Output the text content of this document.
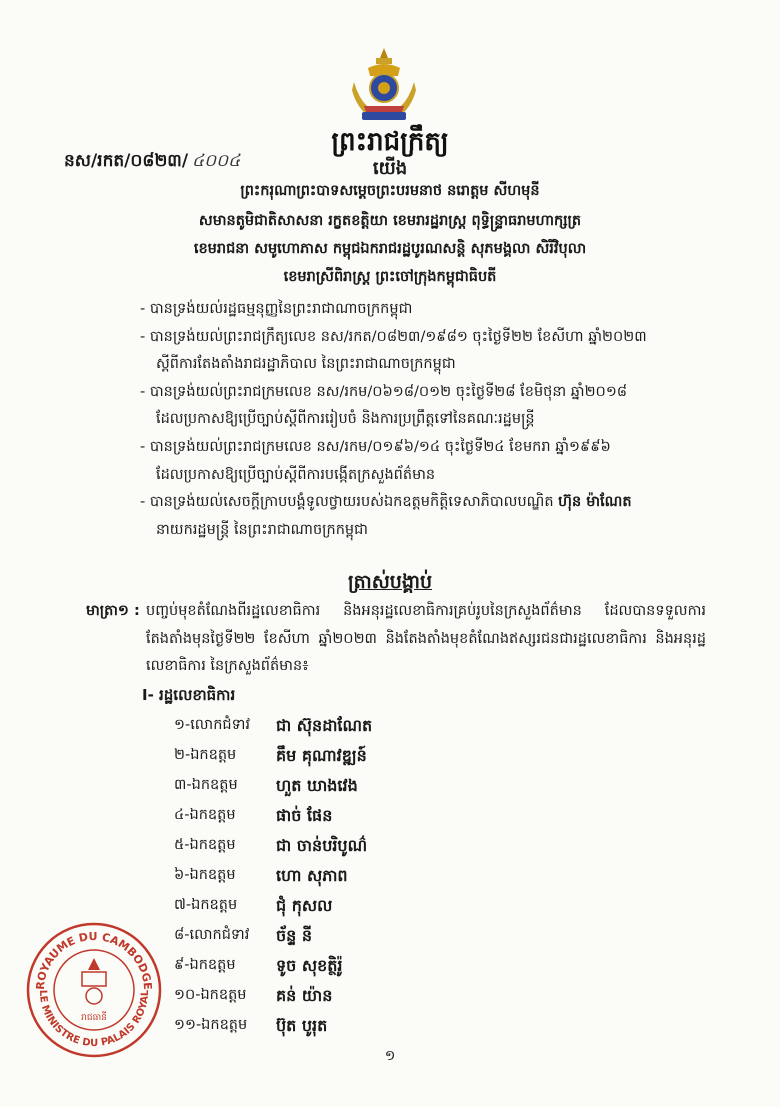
ព្រះរាជក្រឹត្យ
នស/រកត/០៨២៣/ ៤០០៤	យើង
ព្រះករុណាព្រះបាទសម្តេចព្រះបរមនាថ នរោត្តម សីហមុនី
សមានតូមិជាតិសាសនា រក្ខតខត្តិយា ខេមរារដ្ឋរាស្ត្រ ពុទ្ធិន្ទ្រាធរាមហាក្សត្រ
ខេមរាជនា សមូហោភាស កម្ពុជឯករាជរដ្ឋបូរណសន្តិ សុភមង្គលា សិរីវិបុលា
ខេមរាស្រីពិរាស្ត្រ ព្រះចៅក្រុងកម្ពុជាធិបតី

- បានទ្រង់យល់រដ្ឋធម្មនុញ្ញនៃព្រះរាជាណាចក្រកម្ពុជា

- បានទ្រង់យល់ព្រះរាជក្រឹត្យលេខ នស/រកត/០៨២៣/១៩៨១ ចុះថ្ងៃទី២២ ខែសីហា ឆ្នាំ២០២៣
ស្តីពីការតែងតាំងរាជរដ្ឋាភិបាល នៃព្រះរាជាណាចក្រកម្ពុជា

- បានទ្រង់យល់ព្រះរាជក្រមលេខ នស/រកម/០៦១៨/០១២ ចុះថ្ងៃទី២៨ ខែមិថុនា ឆ្នាំ២០១៨
ដែលប្រកាសឱ្យប្រើច្បាប់ស្តីពីការរៀបចំ និងការប្រព្រឹត្តទៅនៃគណៈរដ្ឋមន្ត្រី

- បានទ្រង់យល់ព្រះរាជក្រមលេខ នស/រកម/០១៩៦/១៤ ចុះថ្ងៃទី២៤ ខែមករា ឆ្នាំ១៩៩៦
ដែលប្រកាសឱ្យប្រើច្បាប់ស្តីពីការបង្កើតក្រសួងព័ត៌មាន

- បានទ្រង់យល់សេចក្តីក្រាបបង្គំទូលថ្វាយរបស់ឯកឧត្តមកិត្តិទេសាភិបាលបណ្ឌិត ហ៊ុន ម៉ាណែត
នាយករដ្ឋមន្ត្រី នៃព្រះរាជាណាចក្រកម្ពុជា

ត្រាស់បង្គាប់
មាត្រា១ : បញ្ចប់មុខតំណែងពីរដ្ឋលេខាធិការ និងអនុរដ្ឋលេខាធិការគ្រប់រូបនៃក្រសួងព័ត៌មាន ដែលបានទទួលការតែងតាំងមុនថ្ងៃទី២២ ខែសីហា ឆ្នាំ២០២៣ និងតែងតាំងមុខតំណែងឥស្សរជនជារដ្ឋលេខាធិការ និងអនុរដ្ឋលេខាធិការ នៃក្រសួងព័ត៌មាន៖
I- រដ្ឋលេខាធិការ
១-លោកជំទាវ ជា ស៊ុនដាណែត
២-ឯកឧត្តម គឹម គុណាវឌ្ឍន៍
៣-ឯកឧត្តម ហួត ឃាងវេង
៤-ឯកឧត្តម	ផាច់ ផែន
៥-ឯកឧត្តម	ជា ចាន់បរិបូណ៌
៦-ឯកឧត្តម	ហោ សុភាព
៧-ឯកឧត្តម ជុំ កុសល
៨-លោកជំទាវ ច័ន្ទ នី
៩-ឯកឧត្តម	ទូច សុខត្ថិរ៉ូ
១០-ឯកឧត្តម គន់ យ៉ាន
១១-ឯកឧត្តម ប៊ុត បូរុត
ROYAUME DU CAMBODGE
LE MINISTRE DU PALAIS ROYAL
រាជធានី
១
